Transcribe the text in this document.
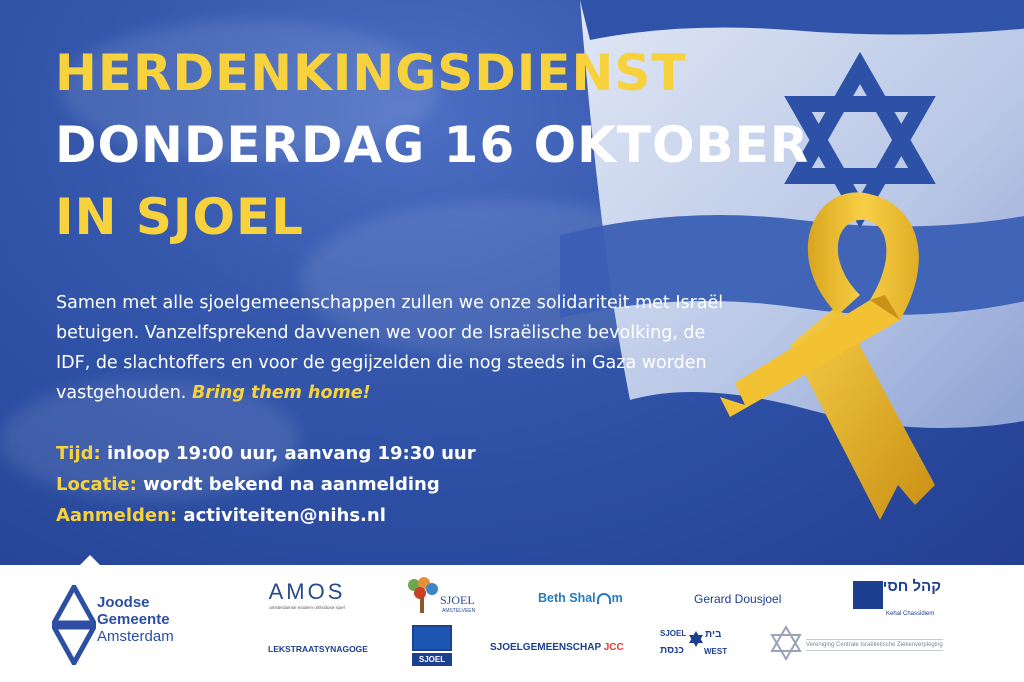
HERDENKINGSDIENST
DONDERDAG 16 OKTOBER
IN SJOEL
Samen met alle sjoelgemeenschappen zullen we onze solidariteit met Israël betuigen. Vanzelfsprekend davvenen we voor de Israëlische bevolking, de IDF, de slachtoffers en voor de gegijzelden die nog steeds in Gaza worden vastgehouden. Bring them home!
Tijd: inloop 19:00 uur, aanvang 19:30 uur
Locatie: wordt bekend na aanmelding
Aanmelden: activiteiten@nihs.nl
Joodse
Gemeente
Amsterdam
AMOS
amsterdamse modern orthodoxe sjoel
SJOEL
AMSTELVEEN
Beth Shal m	Gerard Dousjoel
קהל חסידים
Kehal Chassidiem
LEKSTRAATSYNAGOGE
SJOEL
SJOELGEMEENSCHAP JCC
SJOEL בית
כנסת	WEST
Vereniging Centrale Israëlietische Ziekenverpleging
